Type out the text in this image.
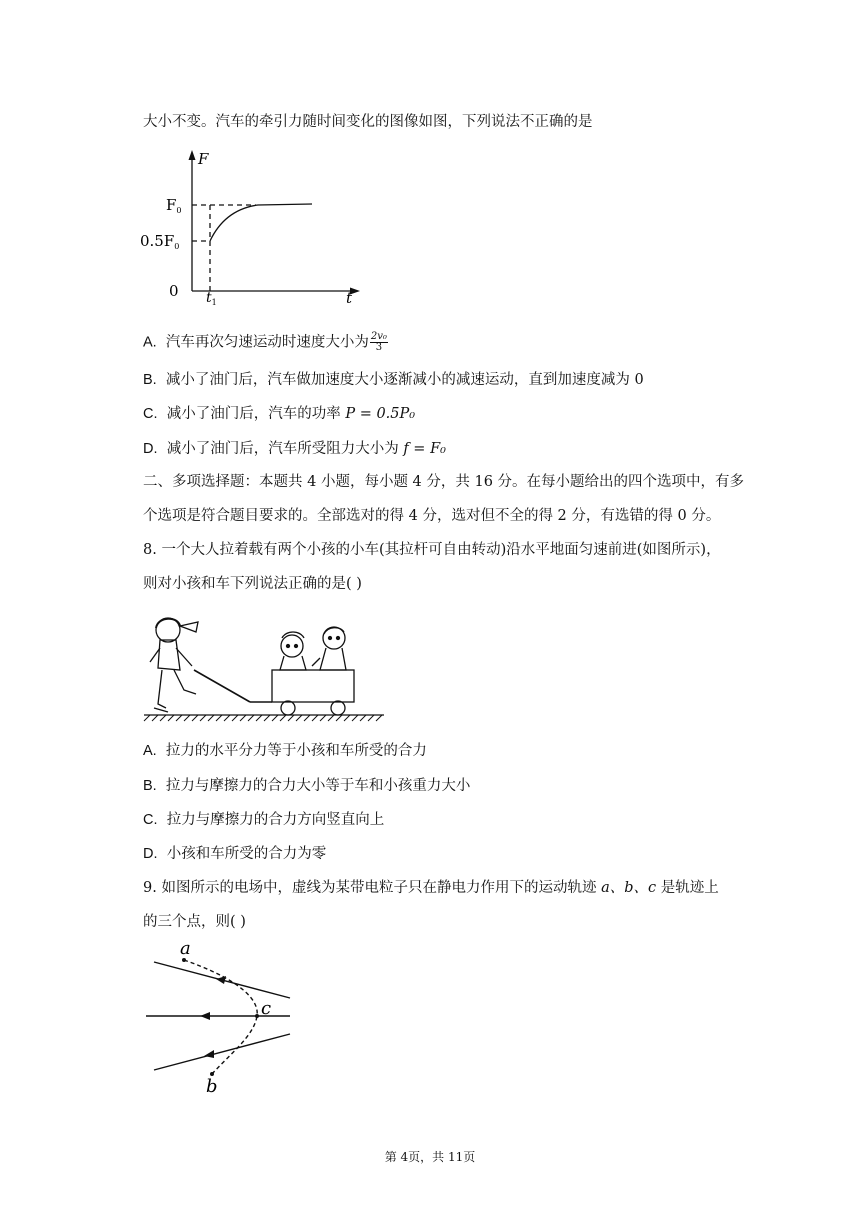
大小不变。汽车的牵引力随时间变化的图像如图，下列说法不正确的是
F
t
0
$F_0$
$0.5F_0$
$t_1$
A. 汽车再次匀速运动时速度大小为 $\frac{\text{2v₀}}{3}$
B. 减小了油门后，汽车做加速度大小逐渐减小的减速运动，直到加速度减为 0
C. 减小了油门后，汽车的功率 P = 0.5P₀
D. 减小了油门后，汽车所受阻力大小为 f = F₀
二、多项选择题：本题共 4 小题，每小题 4 分，共 16 分。在每小题给出的四个选项中，有多
个选项是符合题目要求的。全部选对的得 4 分，选对但不全的得 2 分，有选错的得 0 分。
8. 一个大人拉着载有两个小孩的小车(其拉杆可自由转动)沿水平地面匀速前进(如图所示)，
则对小孩和车下列说法正确的是( )
A. 拉力的水平分力等于小孩和车所受的合力
B. 拉力与摩擦力的合力大小等于车和小孩重力大小
C. 拉力与摩擦力的合力方向竖直向上
D. 小孩和车所受的合力为零
9. 如图所示的电场中，虚线为某带电粒子只在静电力作用下的运动轨迹 a、b、c 是轨迹上
的三个点，则( )
a
c
b
第 4页，共 11页
